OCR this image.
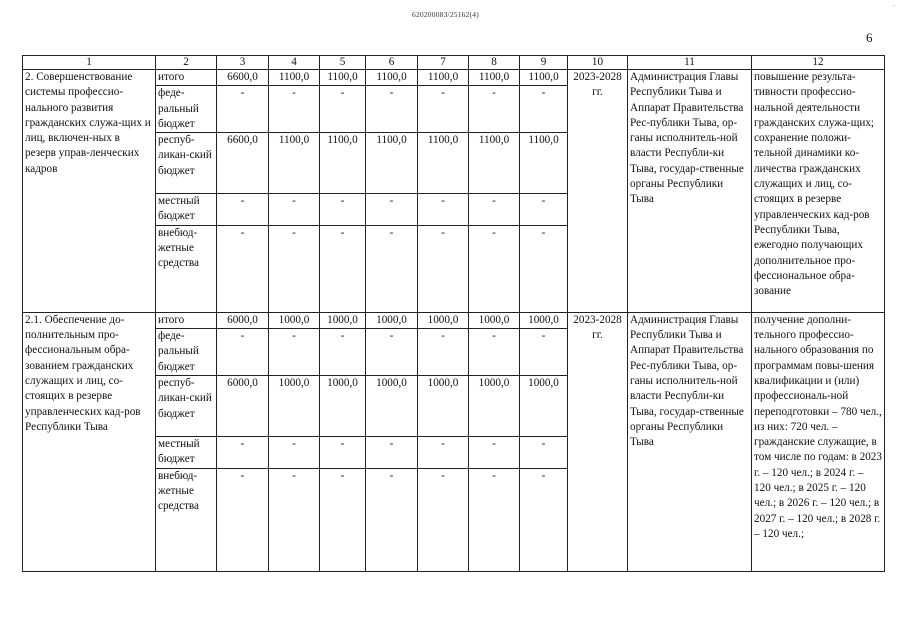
620200083/25162(4)
’
6
1	2	3	4	5	6	7	8	9	10	11	12
2. Совершенствование системы профессио-нального развития гражданских служа-щих и лиц, включен-ных в резерв управ-ленческих кадров	итого	6600,0	1100,0	1100,0	1100,0	1100,0	1100,0	1100,0	2023-2028 гг.	Администрация Главы Республики Тыва и Аппарат Правительства Рес-публики Тыва, ор-ганы исполнитель-ной власти Республи-ки Тыва, государ-ственные органы Республики Тыва	повышение результа-тивности профессио-нальной деятельности гражданских служа-щих; сохранение положи-тельной динамики ко-личества гражданских служащих и лиц, со-стоящих в резерве управленческих кад-ров Республики Тыва, ежегодно получающих дополнительное про-фессиональное обра-зование
	феде-ральный бюджет	-	-	-	-	-	-	-			
	респуб-ликан-ский бюджет	6600,0	1100,0	1100,0	1100,0	1100,0	1100,0	1100,0			
	местный бюджет	-	-	-	-	-	-	-			
	внебюд-жетные средства	-	-	-	-	-	-	-			
2.1. Обеспечение до-полнительным про-фессиональным обра-зованием гражданских служащих и лиц, со-стоящих в резерве управленческих кад-ров Республики Тыва	итого	6000,0	1000,0	1000,0	1000,0	1000,0	1000,0	1000,0	2023-2028 гг.	Администрация Главы Республики Тыва и Аппарат Правительства Рес-публики Тыва, ор-ганы исполнитель-ной власти Республи-ки Тыва, государ-ственные органы Республики Тыва	получение дополни-тельного профессио-нального образования по программам повы-шения квалификации и (или) профессиональ-ной переподготовки – 780 чел., из них: 720 чел. – гражданские служащие, в том числе по годам: в 2023 г. – 120 чел.; в 2024 г. – 120 чел.; в 2025 г. – 120 чел.; в 2026 г. – 120 чел.; в 2027 г. – 120 чел.; в 2028 г. – 120 чел.;
	феде-ральный бюджет	-	-	-	-	-	-	-			
	респуб-ликан-ский бюджет	6000,0	1000,0	1000,0	1000,0	1000,0	1000,0	1000,0			
	местный бюджет	-	-	-	-	-	-	-			
	внебюд-жетные средства	-	-	-	-	-	-	-			
